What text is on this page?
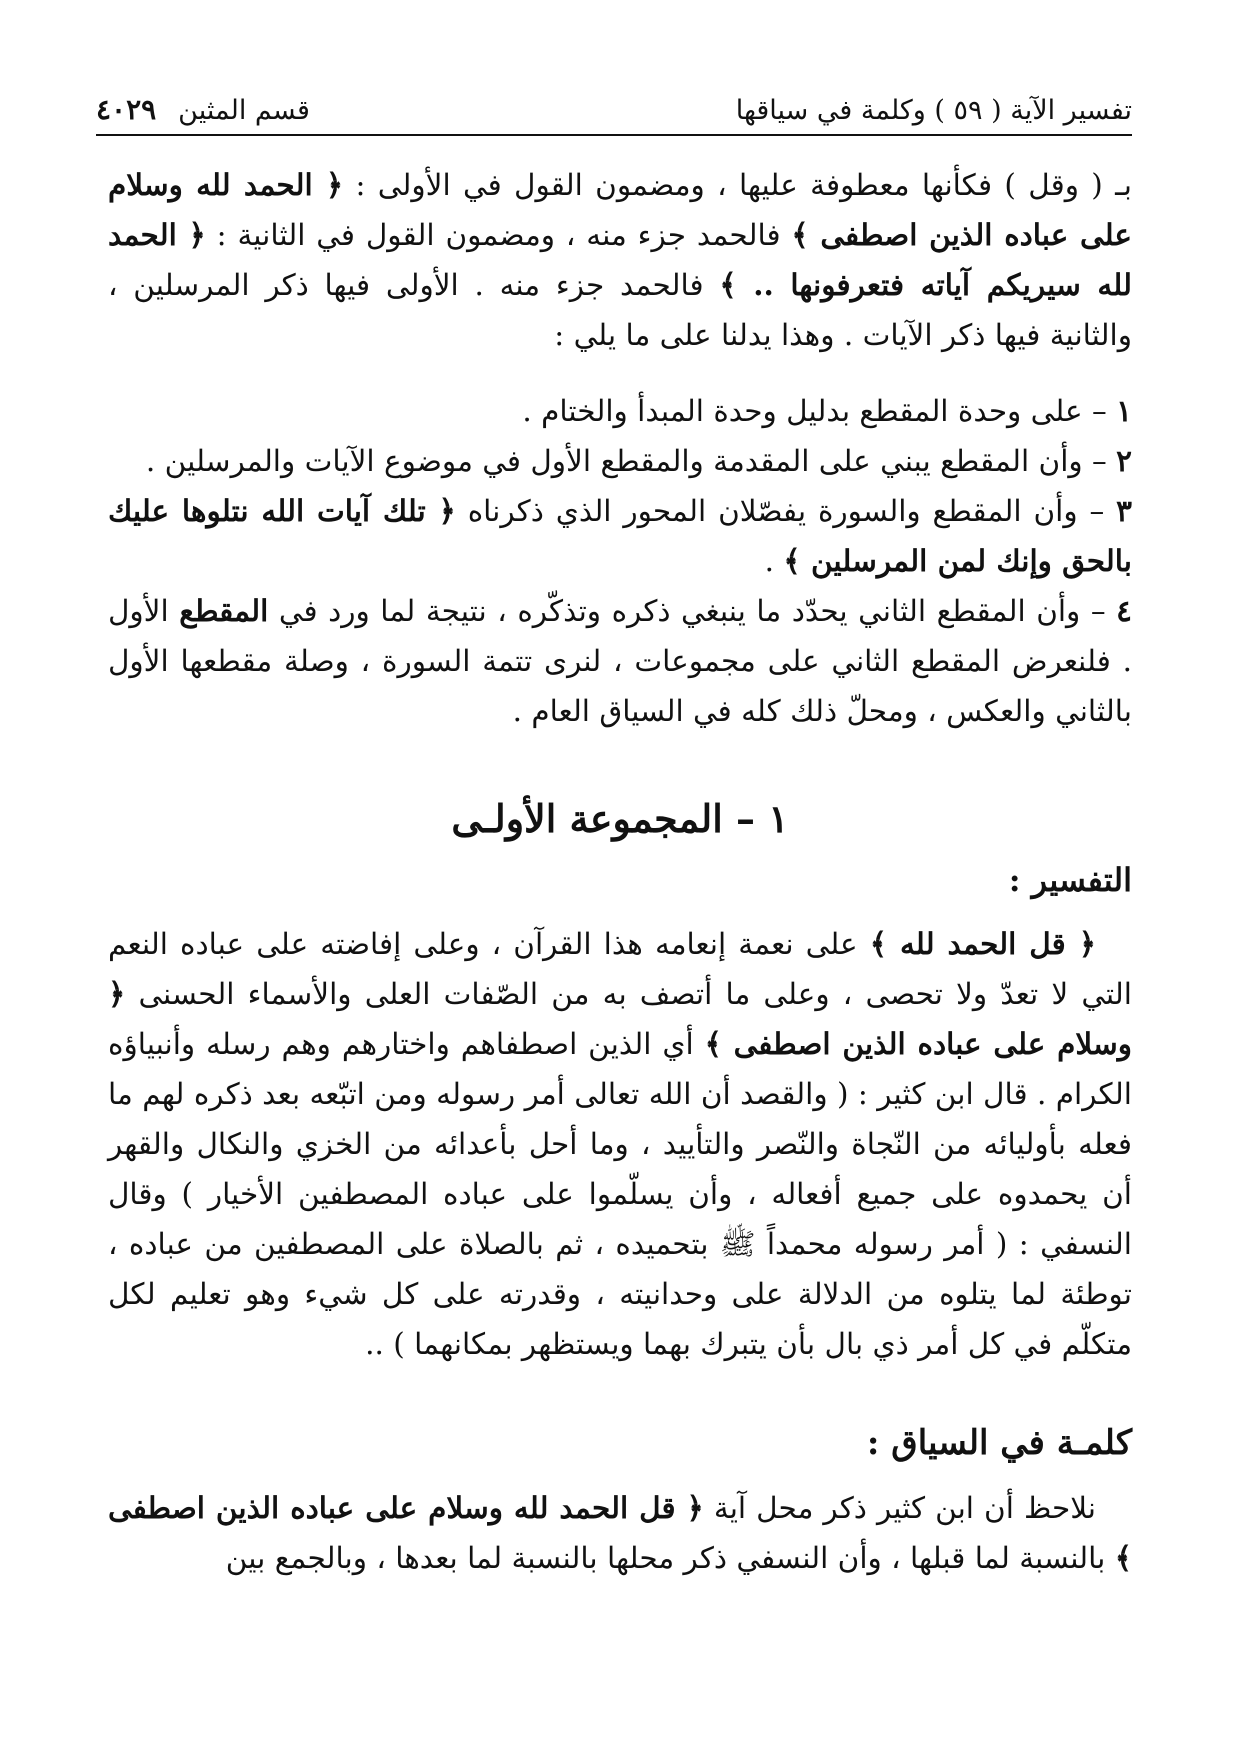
تفسير الآية ( ٥٩ ) وكلمة في سياقها
قسم المثين
٤٠٢٩

بـ ( وقل ) فكأنها معطوفة عليها ، ومضمون القول في الأولى : ﴿ الحمد لله وسلام على عباده الذين اصطفى ﴾ فالحمد جزء منه ، ومضمون القول في الثانية : ﴿ الحمد لله سيريكم آياته فتعرفونها .. ﴾ فالحمد جزء منه . الأولى فيها ذكر المرسلين ، والثانية فيها ذكر الآيات . وهذا يدلنا على ما يلي :

١ – على وحدة المقطع بدليل وحدة المبدأ والختام .

٢ – وأن المقطع يبني على المقدمة والمقطع الأول في موضوع الآيات والمرسلين .

٣ – وأن المقطع والسورة يفصّلان المحور الذي ذكرناه ﴿ تلك آيات الله نتلوها عليك بالحق وإنك لمن المرسلين ﴾ .

٤ – وأن المقطع الثاني يحدّد ما ينبغي ذكره وتذكّره ، نتيجة لما ورد في المقطع الأول . فلنعرض المقطع الثاني على مجموعات ، لنرى تتمة السورة ، وصلة مقطعها الأول بالثاني والعكس ، ومحلّ ذلك كله في السياق العام .

١ – المجموعة الأولـى
التفسير :

﴿ قل الحمد لله ﴾ على نعمة إنعامه هذا القرآن ، وعلى إفاضته على عباده النعم التي لا تعدّ ولا تحصى ، وعلى ما أتصف به من الصّفات العلى والأسماء الحسنى ﴿ وسلام على عباده الذين اصطفى ﴾ أي الذين اصطفاهم واختارهم وهم رسله وأنبياؤه الكرام . قال ابن كثير : ( والقصد أن الله تعالى أمر رسوله ومن اتبّعه بعد ذكره لهم ما فعله بأوليائه من النّجاة والنّصر والتأييد ، وما أحل بأعدائه من الخزي والنكال والقهر أن يحمدوه على جميع أفعاله ، وأن يسلّموا على عباده المصطفين الأخيار ) وقال النسفي : ( أمر رسوله محمداً ﷺ بتحميده ، ثم بالصلاة على المصطفين من عباده ، توطئة لما يتلوه من الدلالة على وحدانيته ، وقدرته على كل شيء وهو تعليم لكل متكلّم في كل أمر ذي بال بأن يتبرك بهما ويستظهر بمكانهما ) ..

كلمـة في السياق :

نلاحظ أن ابن كثير ذكر محل آية ﴿ قل الحمد لله وسلام على عباده الذين اصطفى ﴾ بالنسبة لما قبلها ، وأن النسفي ذكر محلها بالنسبة لما بعدها ، وبالجمع بين
